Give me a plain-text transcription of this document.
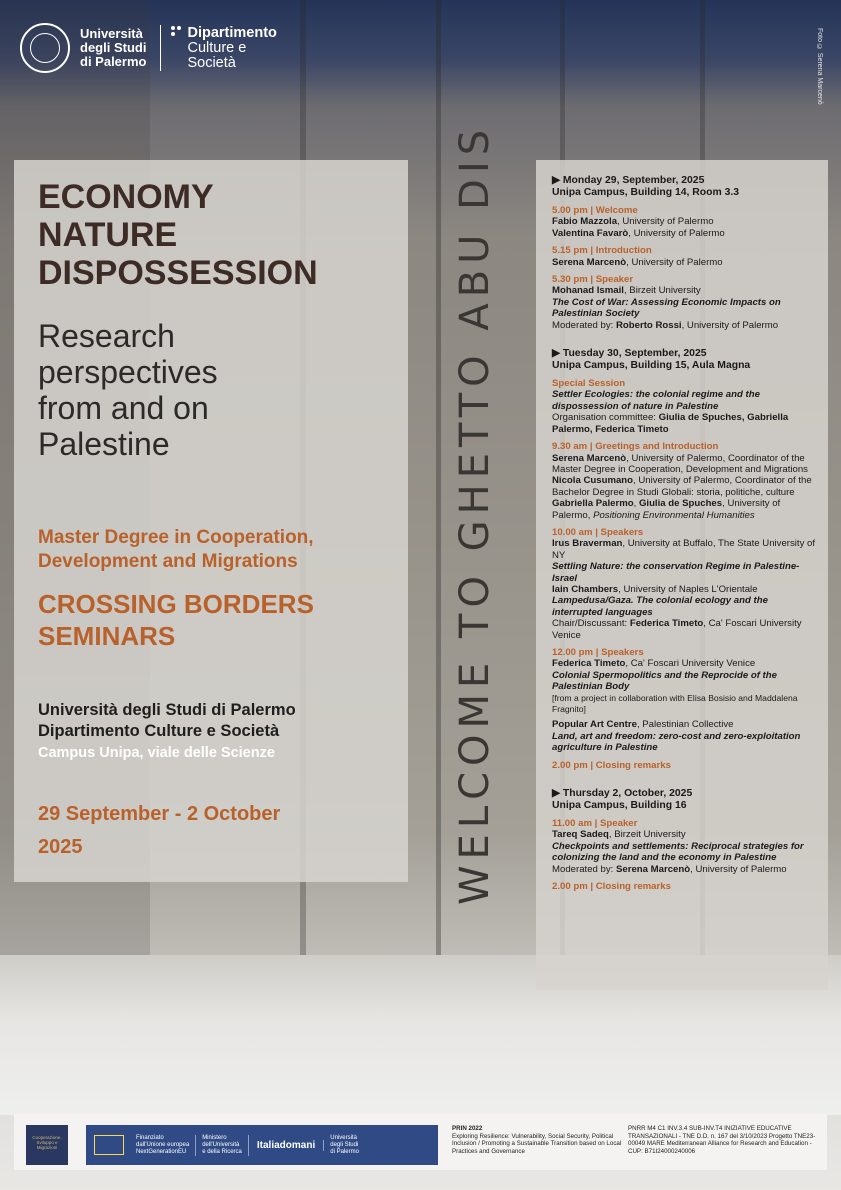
WELCOME TO GHETTO ABU DIS
Foto © Serena Marcenò
Università
degli Studi
di Palermo
Dipartimento
Culture e
Società
ECONOMY
NATURE
DISPOSSESSION
Research
perspectives
from and on
Palestine
Master Degree in Cooperation,
Development and Migrations
CROSSING BORDERS
SEMINARS
Università degli Studi di Palermo
Dipartimento Culture e Società
Campus Unipa, viale delle Scienze
29 September - 2 October
2025

▶ Monday 29, September, 2025

Unipa Campus, Building 14, Room 3.3

5.00 pm | Welcome

Fabio Mazzola, University of Palermo

Valentina Favarò, University of Palermo

5.15 pm | Introduction

Serena Marcenò, University of Palermo

5.30 pm | Speaker

Mohanad Ismail, Birzeit University

The Cost of War: Assessing Economic Impacts on Palestinian Society

Moderated by: Roberto Rossi, University of Palermo

▶ Tuesday 30, September, 2025

Unipa Campus, Building 15, Aula Magna

Special Session

Settler Ecologies: the colonial regime and the dispossession of nature in Palestine

Organisation committee: Giulia de Spuches, Gabriella Palermo, Federica Timeto

9.30 am | Greetings and Introduction

Serena Marcenò, University of Palermo, Coordinator of the Master Degree in Cooperation, Development and Migrations

Nicola Cusumano, University of Palermo, Coordinator of the Bachelor Degree in Studi Globali: storia, politiche, culture

Gabriella Palermo, Giulia de Spuches, University of Palermo, Positioning Environmental Humanities

10.00 am | Speakers

Irus Braverman, University at Buffalo, The State University of NY

Settling Nature: the conservation Regime in Palestine-Israel

Iain Chambers, University of Naples L'Orientale

Lampedusa/Gaza. The colonial ecology and the interrupted languages

Chair/Discussant: Federica Timeto, Ca' Foscari University Venice

12.00 pm | Speakers

Federica Timeto, Ca' Foscari University Venice

Colonial Spermopolitics and the Reprocide of the Palestinian Body

[from a project in collaboration with Elisa Bosisio and Maddalena Fragnito]

Popular Art Centre, Palestinian Collective

Land, art and freedom: zero-cost and zero-exploitation agriculture in Palestine

2.00 pm | Closing remarks

▶ Thursday 2, October, 2025

Unipa Campus, Building 16

11.00 am | Speaker

Tareq Sadeq, Birzeit University

Checkpoints and settlements: Reciprocal strategies for colonizing the land and the economy in Palestine

Moderated by: Serena Marcenò, University of Palermo

2.00 pm | Closing remarks

Cooperazione, Sviluppo e Migrazioni
Finanziato
dall'Unione europea
NextGenerationEU
Ministero
dell'Università
e della Ricerca
Italiadomani
Università
degli Studi
di Palermo
PRIN 2022
Exploring Resilience: Vulnerability, Social Security, Political Inclusion / Promoting a Sustainable Transition based on Local Practices and Governance
PNRR M4 C1 INV.3.4 SUB-INV.T4 INIZIATIVE EDUCATIVE TRANSAZIONALI - TNE D.D. n. 167 del 3/10/2023 Progetto TNE23-00049 MARE Mediterranean Alliance for Research and Education - CUP: B71I24000240006
